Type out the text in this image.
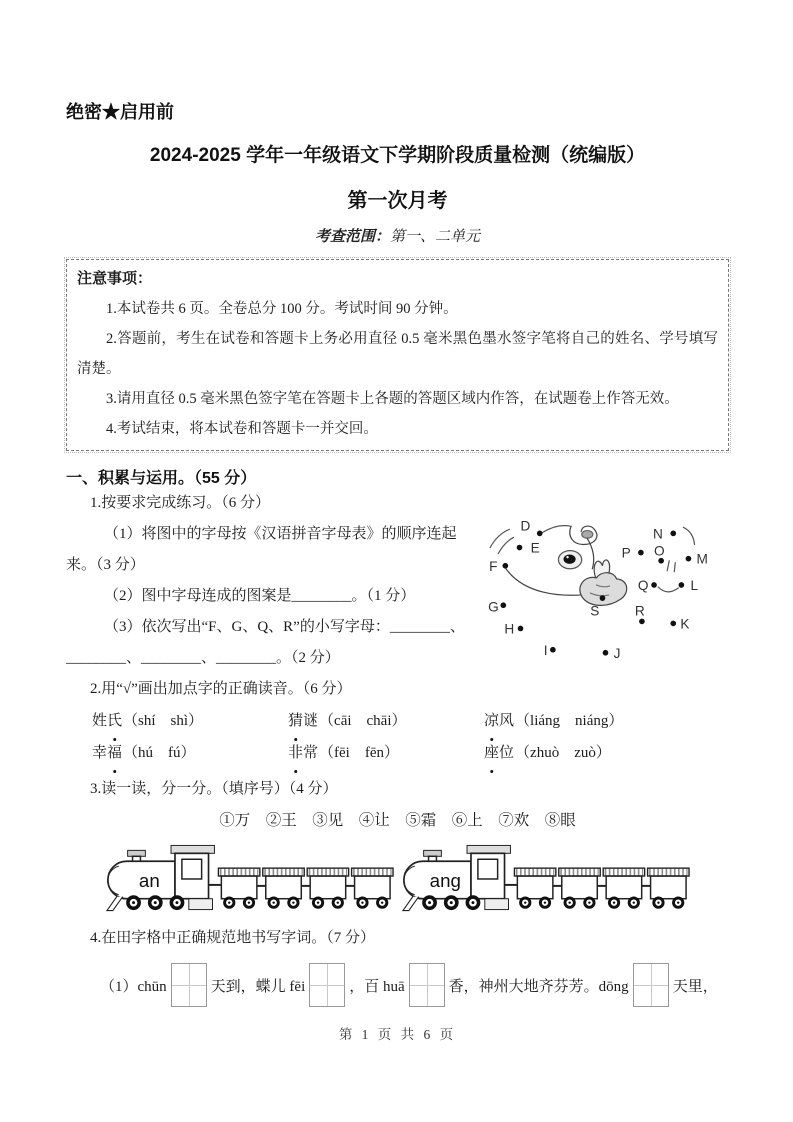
绝密★启用前
2024-2025 学年一年级语文下学期阶段质量检测（统编版）
第一次月考
考查范围：第一、二单元
注意事项：

1.本试卷共 6 页。全卷总分 100 分。考试时间 90 分钟。

2.答题前，考生在试卷和答题卡上务必用直径 0.5 毫米黑色墨水签字笔将自己的姓名、学号填写清楚。

3.请用直径 0.5 毫米黑色签字笔在答题卡上各题的答题区域内作答，在试题卷上作答无效。

4.考试结束，将本试卷和答题卡一并交回。

一、积累与运用。（55 分）
1.按要求完成练习。（6 分）
（1）将图中的字母按《汉语拼音字母表》的顺序连起
来。（3 分）
（2）图中字母连成的图案是________。（1 分）
（3）依次写出“F、G、Q、R”的小写字母：________、
________、________、________。（2 分）
D
E
F
G
H
I	J
K
L
M
N
O
P
Q
R
S
2.用“√”画出加点字的正确读音。（6 分）
姓氏（shí　shì）	猜谜（cāi　chāi）	凉风（liáng　niáng）
幸福（hú　fú）	非常（fēi　fēn）	座位（zhuò　zuò）
3.读一读，分一分。（填序号）（4 分）
①万　②王　③见　④让　⑤霜　⑥上　⑦欢　⑧眼
an	ang
4.在田字格中正确规范地书写字词。（7 分）
（1）chūn	天到，蝶儿 fēi	，百 huā	香，神州大地齐芬芳。dōng	天里，
第 1 页 共 6 页
